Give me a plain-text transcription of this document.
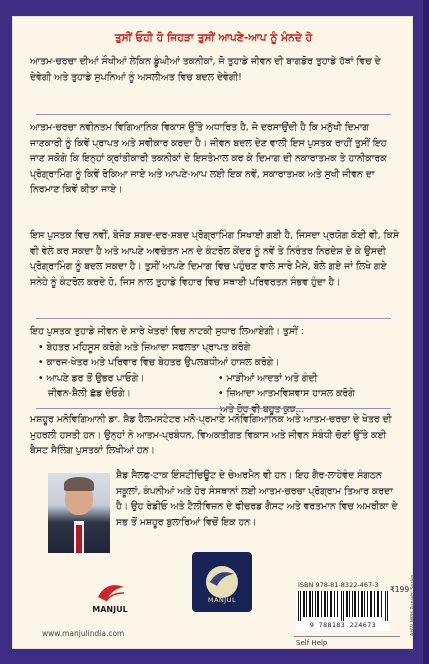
ਤੁਸੀਂ ਓਹੀ ਹੋ ਜਿਹੜਾ ਤੁਸੀਂ ਆਪਣੇ-ਆਪ ਨੂੰ ਮੰਨਦੇ ਹੋ

ਆਤਮ-ਚਰਚਾ ਦੀਆਂ ਸੌਖੀਆਂ ਲੇਕਿਨ ਡੂੰਘੀਆਂ ਤਕਨੀਕਾਂ, ਜੋ ਤੁਹਾਡੇ ਜੀਵਨ ਦੀ ਬਾਗਡੋਰ ਤੁਹਾਡੇ ਹੱਥਾਂ ਵਿਚ ਦੇ ਦੇਵੇਗੀ ਅਤੇ ਤੁਹਾਡੇ ਸੁਪਨਿਆਂ ਨੂੰ ਅਸਲੀਅਤ ਵਿਚ ਬਦਲ ਦੇਵੇਗੀ!

ਆਤਮ-ਚਰਚਾ ਨਵੀਨਤਮ ਵਿਗਿਆਨਿਕ ਵਿਕਾਸ ਉੱਤੇ ਅਧਾਰਿਤ ਹੈ, ਜੋ ਦਰਸਾਉਂਦੀ ਹੈ ਕਿ ਮਨੁੱਖੀ ਦਿਮਾਗ ਜਾਣਕਾਰੀ ਨੂੰ ਕਿਵੇਂ ਪ੍ਰਾਪਤ ਅਤੇ ਸਵੀਕਾਰ ਕਰਦਾ ਹੈ। ਜੀਵਨ ਬਦਲ ਦੇਣ ਵਾਲੀ ਇਸ ਪੁਸਤਕ ਰਾਹੀਂ ਤੁਸੀਂ ਇਹ ਜਾਣ ਸਕੋਗੇ ਕਿ ਇਨ੍ਹਾਂ ਕ੍ਰਾਂਤੀਕਾਰੀ ਤਕਨੀਕਾਂ ਦੇ ਇਸਤੇਮਾਲ ਕਰ ਕੇ ਦਿਮਾਗ ਦੀ ਨਕਾਰਾਤਮਕ ਤੇ ਹਾਨੀਕਾਰਕ ਪ੍ਰੋਗ੍ਰਾਮਿੰਗ ਨੂੰ ਕਿਵੇਂ ਰੋਕਿਆ ਜਾਏ ਅਤੇ ਆਪਣੇ-ਆਪ ਲਈ ਇਕ ਨਵੇਂ, ਸਕਾਰਾਤਮਕ ਅਤੇ ਸੁਖੀ ਜੀਵਨ ਦਾ ਨਿਰਮਾਣ ਕਿਵੇਂ ਕੀਤਾ ਜਾਏ।

ਇਸ ਪੁਸਤਕ ਵਿਚ ਨਵੀਂ, ਬੇਜੋੜ ਸ਼ਬਦ-ਦਰ-ਸ਼ਬਦ ਪ੍ਰੋਗ੍ਰਾਮਿੰਗ ਸਿਖਾਈ ਗਈ ਹੈ, ਜਿਸਦਾ ਪ੍ਰਯੋਗ ਕੋਈ ਵੀ, ਕਿਸੇ ਵੀ ਵੇਲੇ ਕਰ ਸਕਦਾ ਹੈ ਅਤੇ ਆਪਣੇ ਅਵਚੇਤਨ ਮਨ ਦੇ ਕੰਟਰੋਲ ਕੇਂਦਰ ਨੂੰ ਨਵੇਂ ਤੇ ਨਿਰੰਤਰ ਨਿਰਦੇਸ਼ ਦੇ ਕੇ ਉਸਦੀ ਪ੍ਰੋਗ੍ਰਾਮਿੰਗ ਨੂੰ ਬਦਲ ਸਕਦਾ ਹੈ। ਤੁਸੀਂ ਆਪਣੇ ਦਿਮਾਗ ਵਿਚ ਪਹੁੰਚਣ ਵਾਲੇ ਸਾਰੇ ਮੈਸੇ, ਬੋਲੇ ਗਏ ਜਾਂ ਲਿਖੇ ਗਏ ਸਨੇਹੇ ਨੂੰ ਕੰਟਰੋਲ ਕਰਦੇ ਹੋ, ਜਿਸ ਨਾਲ ਤੁਹਾਡੇ ਵਿਹਾਰ ਵਿਚ ਸਥਾਈ ਪਰਿਵਰਤਨ ਸੰਭਵ ਹੁੰਦਾ ਹੈ।

ਇਹ ਪੁਸਤਕ ਤੁਹਾਡੇ ਜੀਵਨ ਦੇ ਸਾਰੇ ਖੇਤਰਾਂ ਵਿਚ ਨਾਟਕੀ ਸੁਧਾਰ ਲਿਆਏਗੀ। ਤੁਸੀਂ :
• ਬੇਹਤਰ ਮਹਿਸੂਸ ਕਰੋਗੇ ਅਤੇ ਜ਼ਿਆਦਾ ਸਫਲਤਾ ਪ੍ਰਾਪਤ ਕਰੋਗੇ
• ਕਾਰਜ-ਖੇਤਰ ਅਤੇ ਪਰਿਵਾਰ ਵਿਚ ਬੇਹਤਰ ਉਪਲਬਧੀਆਂ ਹਾਸਲ ਕਰੋਗੇ।
• ਆਪਣੇ ਡਰ ਤੋਂ ਉਭਰ ਪਾਓਗੇ।	• ਮਾੜੀਆਂ ਆਦਤਾਂ ਅਤੇ ਗੰਦੀ
ਜੀਵਨ-ਸ਼ੈਲੀ ਛੱਡ ਦੇਓਗੇ।	• ਜ਼ਿਆਦਾ ਆਤਮਵਿਸ਼ਵਾਸ ਹਾਸਲ ਕਰੋਗੇ
ਅਤੇ ਹੋਰ ਵੀ ਬਹੁਤ ਕੁਝ...

ਮਸ਼ਹੂਰ ਮਨੋਵਿਗਿਆਨੀ ਡਾ. ਸ਼ੈਡ ਹੈਲਮਸਟੇਟਰ ਮਨੋ-ਪ੍ਰਮਾਣੇ ਮਨੋਵਿਗਿਆਨਿਕ ਅਤੇ ਆਤਮ-ਚਰਚਾ ਦੇ ਖੇਤਰ ਦੀ ਮੁਹਰਲੀ ਹਸਤੀ ਹਨ। ਉਨ੍ਹਾਂ ਨੇ ਆਤਮ-ਪ੍ਰਬੰਧਨ, ਵਿਅਕਤੀਗਤ ਵਿਕਾਸ ਅਤੇ ਜੀਵਨ ਸੰਬੰਧੀ ਚੋਣਾਂ ਉੱਤੇ ਕਈ ਬੈਸਟ ਸੈਲਿੰਗ ਪੁਸਤਕਾਂ ਲਿਖੀਆਂ ਹਨ।

ਸ਼ੈਡ ਸੈਲਫ-ਟਾਕ ਇੰਸਟੀਚਿਊਟ ਦੇ ਚੇਅਰਮੈਨ ਵੀ ਹਨ। ਇਹ ਗੈਰ-ਲਾਹੇਵੰਦ ਸੰਗਠਨ ਸਕੂਲਾਂ, ਕੰਪਨੀਆਂ ਅਤੇ ਹੋਰ ਸੰਸਥਾਨਾਂ ਲਈ ਆਤਮ-ਚਰਚਾ ਪ੍ਰੋਗ੍ਰਾਮ ਤਿਆਰ ਕਰਦਾ ਹੈ। ਉਹ ਰੇਡੀਓ ਅਤੇ ਟੈਲੀਵਿਜ਼ਨ ਦੇ ਫੀਚਰਡ ਗੈਸਟ ਅਤੇ ਵਰਤਮਾਨ ਵਿਚ ਅਮਰੀਕਾ ਦੇ ਸਭ ਤੋਂ ਮਸ਼ਹੂਰ ਬੁਲਾਰਿਆਂ ਵਿਚੋਂ ਇਕ ਹਨ।

MANJUL
www.manjulindia.com
MANJUL
ISBN 978-81-8322-467-3	₹199
9 788183 224673
Self Help
AHW MPH Punjabi Series
